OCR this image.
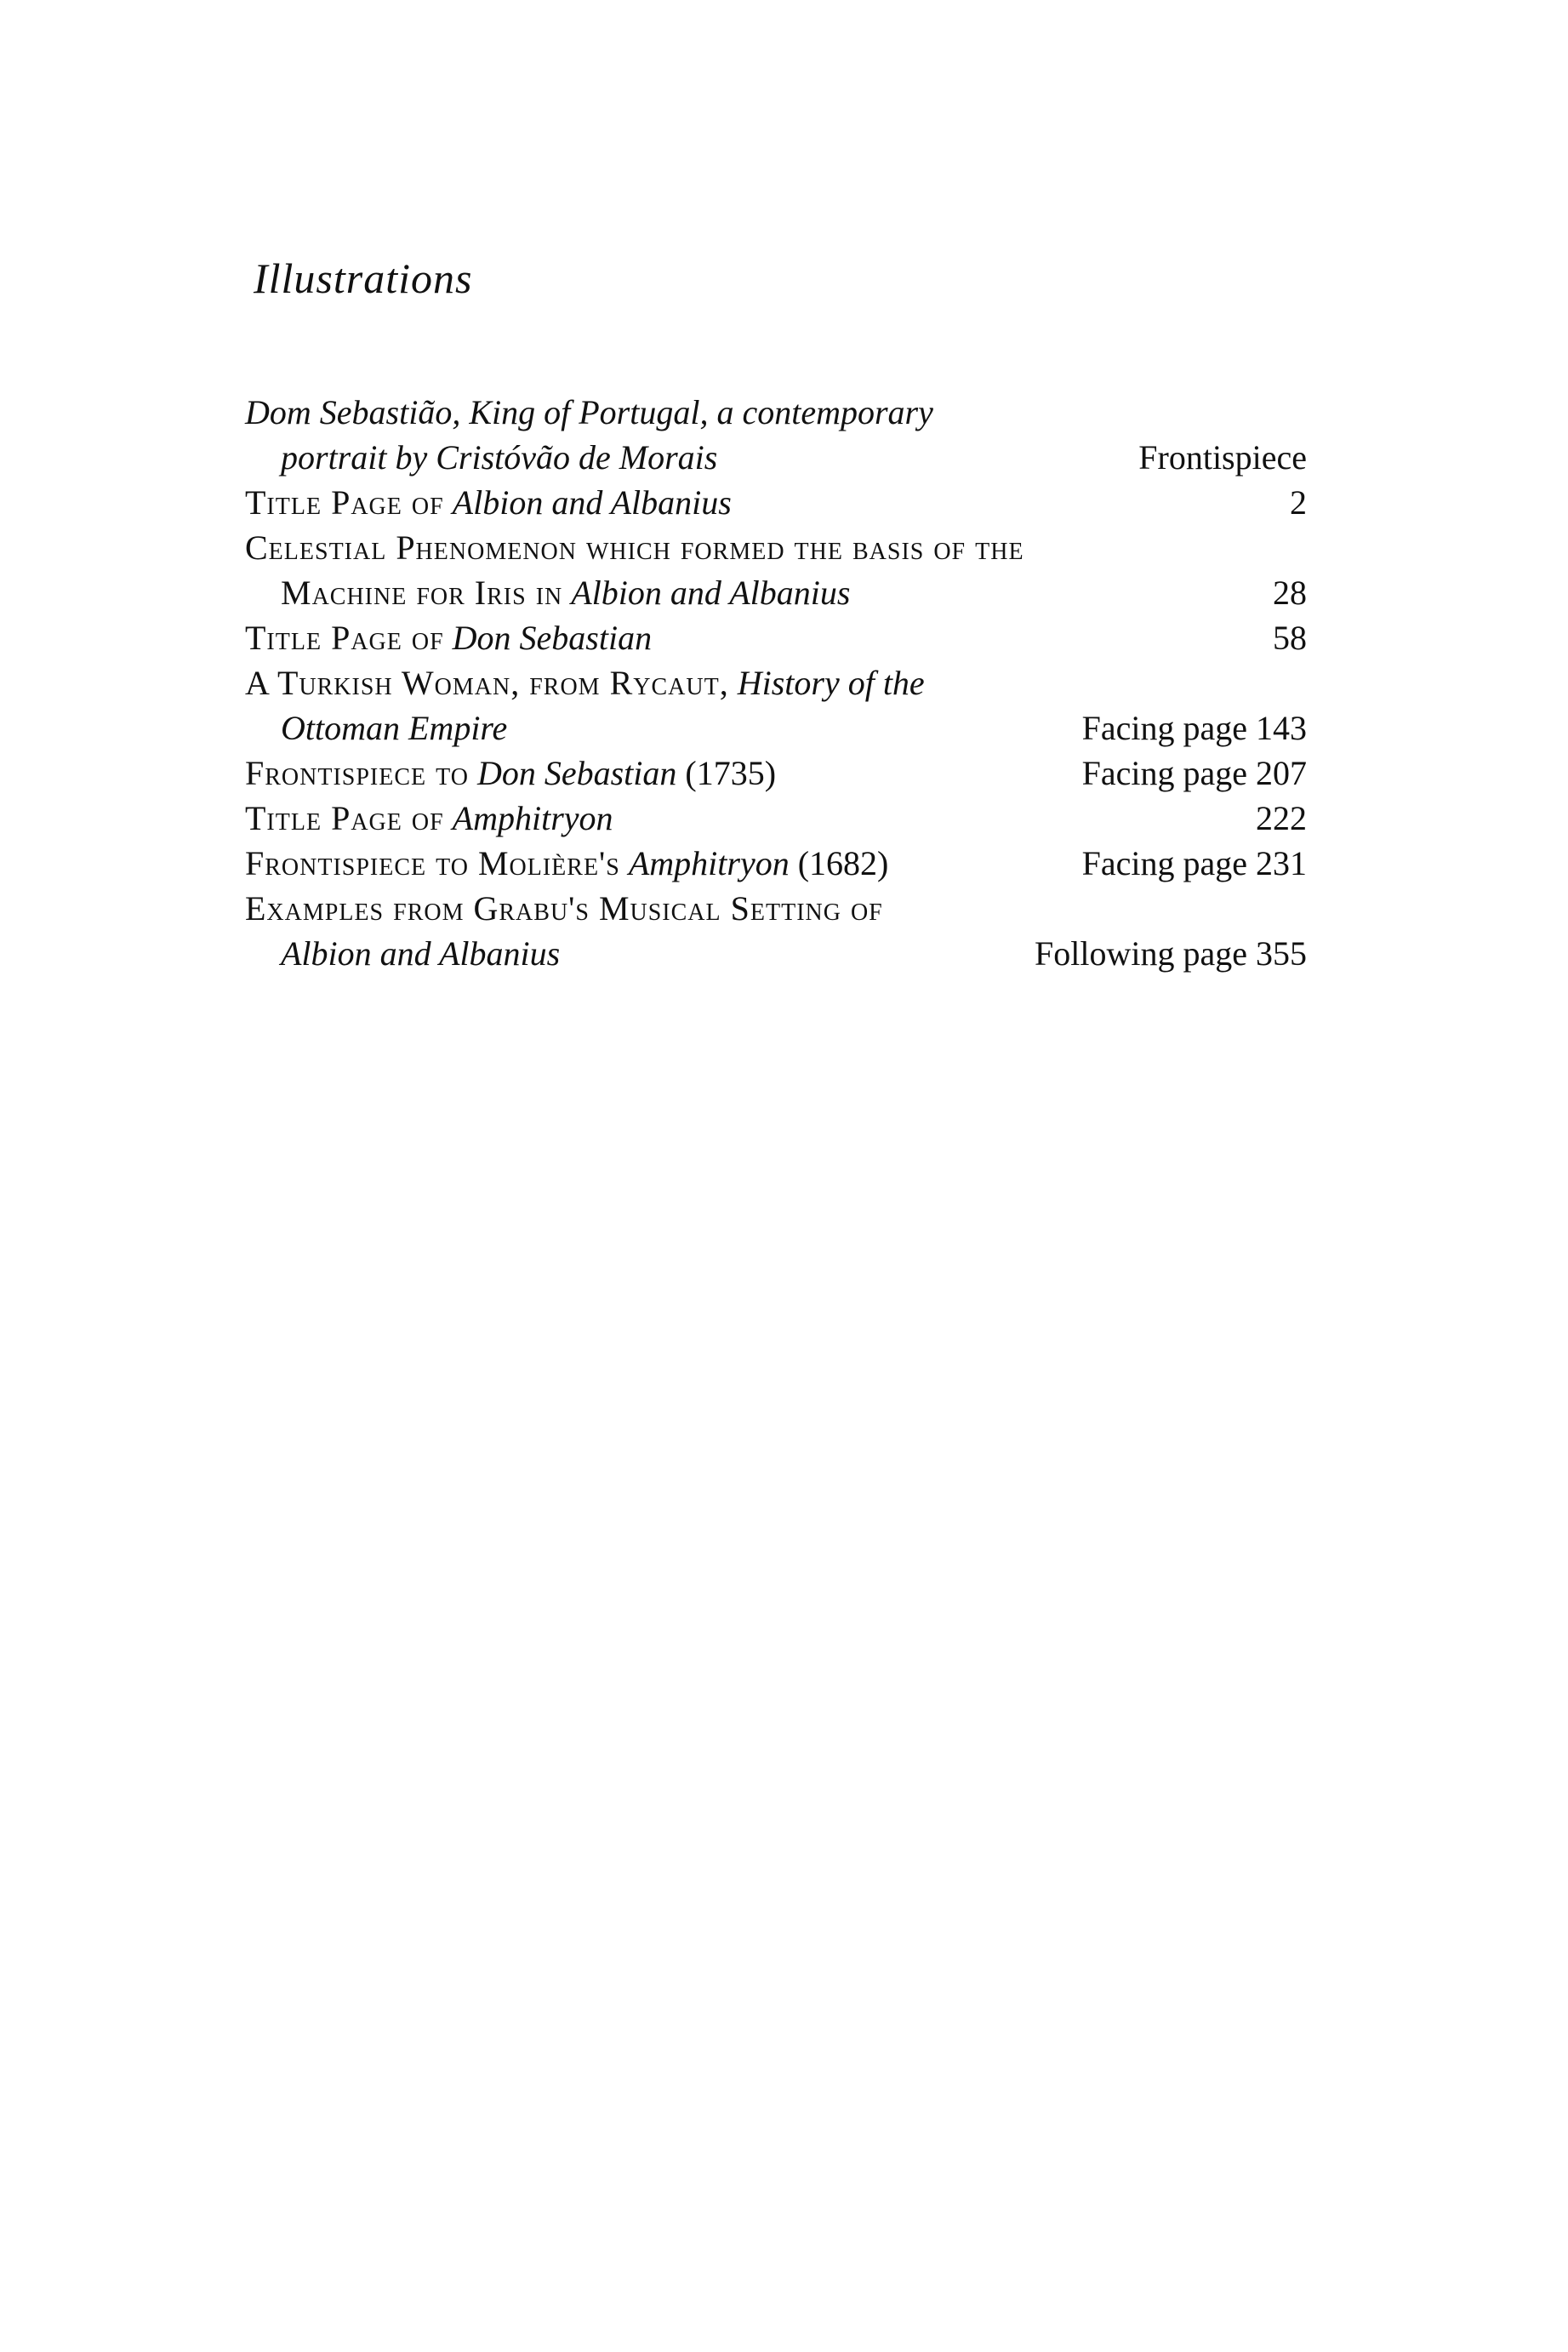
Illustrations
Dom Sebastião, King of Portugal, a contemporary
portrait by Cristóvão de Morais	Frontispiece
Title Page of Albion and Albanius	2
Celestial Phenomenon which formed the basis of the
Machine for Iris in Albion and Albanius	28
Title Page of Don Sebastian	58
A Turkish Woman, from Rycaut, History of the
Ottoman Empire	Facing page 143
Frontispiece to Don Sebastian (1735)	Facing page 207
Title Page of Amphitryon	222
Frontispiece to Molière's Amphitryon (1682)	Facing page 231
Examples from Grabu's Musical Setting of
Albion and Albanius	Following page 355
